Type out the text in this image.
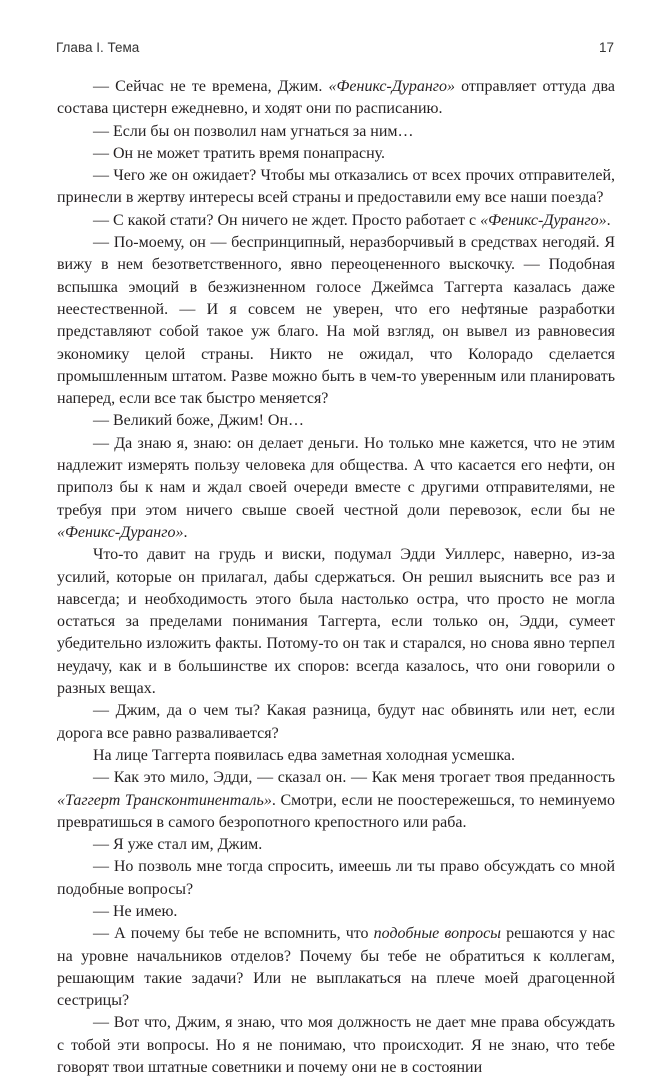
Глава I. Тема	17

— Сейчас не те времена, Джим. «Феникс-Дуранго» отправляет оттуда два состава цистерн ежедневно, и ходят они по расписанию.

— Если бы он позволил нам угнаться за ним…

— Он не может тратить время понапрасну.

— Чего же он ожидает? Чтобы мы отказались от всех прочих отправителей, принесли в жертву интересы всей страны и предоставили ему все наши поезда?

— С какой стати? Он ничего не ждет. Просто работает с «Феникс-Дуранго».

— По-моему, он — беспринципный, неразборчивый в средствах негодяй. Я вижу в нем безответственного, явно переоцененного выскочку. — Подобная вспышка эмоций в безжизненном голосе Джеймса Таггерта казалась даже неестественной. — И я совсем не уверен, что его нефтяные разработки представляют собой такое уж благо. На мой взгляд, он вывел из равновесия экономику целой страны. Никто не ожидал, что Колорадо сделается промышленным штатом. Разве можно быть в чем-то уверенным или планировать наперед, если все так быстро меняется?

— Великий боже, Джим! Он…

— Да знаю я, знаю: он делает деньги. Но только мне кажется, что не этим надлежит измерять пользу человека для общества. А что касается его нефти, он приполз бы к нам и ждал своей очереди вместе с другими отправителями, не требуя при этом ничего свыше своей честной доли перевозок, если бы не «Феникс-Дуранго».

Что-то давит на грудь и виски, подумал Эдди Уиллерс, наверно, из-за усилий, которые он прилагал, дабы сдержаться. Он решил выяснить все раз и навсегда; и необходимость этого была настолько остра, что просто не могла остаться за пределами понимания Таггерта, если только он, Эдди, сумеет убедительно изложить факты. Потому-то он так и старался, но снова явно терпел неудачу, как и в большинстве их споров: всегда казалось, что они говорили о разных вещах.

— Джим, да о чем ты? Какая разница, будут нас обвинять или нет, если дорога все равно разваливается?

На лице Таггерта появилась едва заметная холодная усмешка.

— Как это мило, Эдди, — сказал он. — Как меня трогает твоя преданность «Таггерт Трансконтиненталь». Смотри, если не поостережешься, то неминуемо превратишься в самого безропотного крепостного или раба.

— Я уже стал им, Джим.

— Но позволь мне тогда спросить, имеешь ли ты право обсуждать со мной подобные вопросы?

— Не имею.

— А почему бы тебе не вспомнить, что подобные вопросы решаются у нас на уровне начальников отделов? Почему бы тебе не обратиться к коллегам, решающим такие задачи? Или не выплакаться на плече моей драгоценной сестрицы?

— Вот что, Джим, я знаю, что моя должность не дает мне права обсуждать с тобой эти вопросы. Но я не понимаю, что происходит. Я не знаю, что тебе говорят твои штатные советники и почему они не в состоянии
